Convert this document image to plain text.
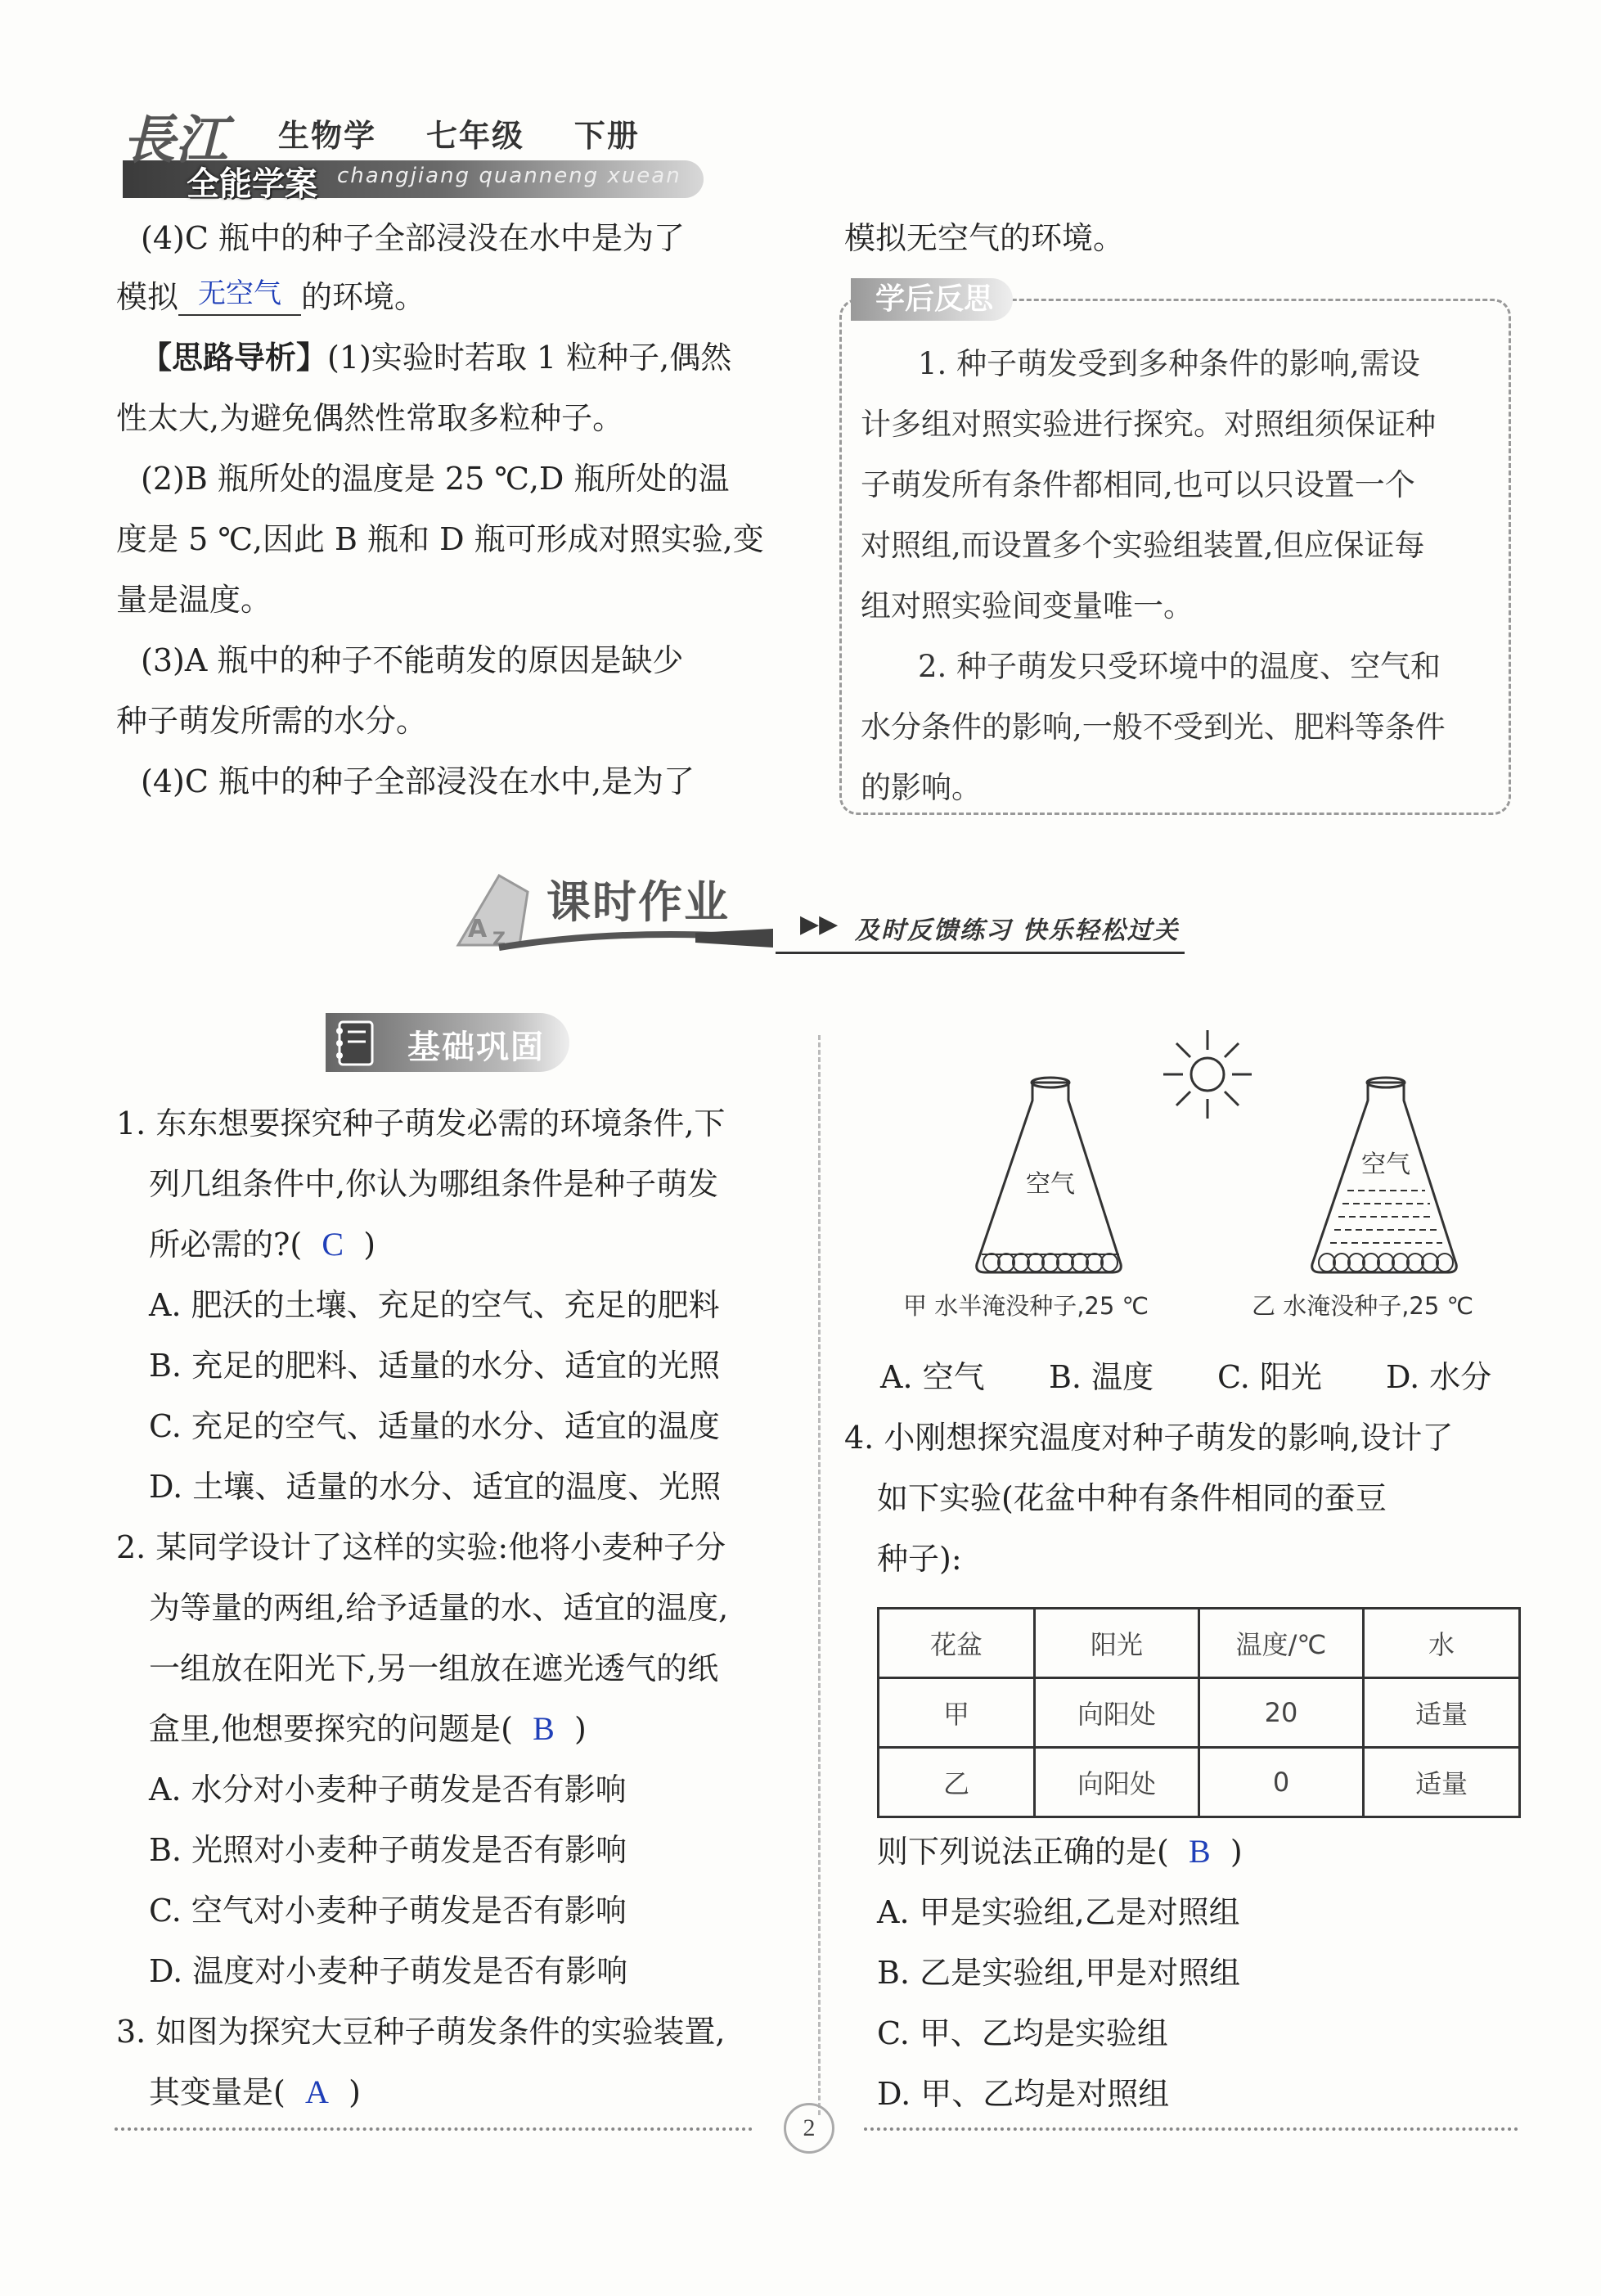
長江
全能学案 changjiang quanneng xuean
生物学 七年级 下册
(4)C 瓶中的种子全部浸没在水中是为了
模拟 无空气 的环境。
【思路导析】(1)实验时若取 1 粒种子,偶然
性太大,为避免偶然性常取多粒种子。
(2)B 瓶所处的温度是 25 ℃,D 瓶所处的温
度是 5 ℃,因此 B 瓶和 D 瓶可形成对照实验,变
量是温度。
(3)A 瓶中的种子不能萌发的原因是缺少
种子萌发所需的水分。
(4)C 瓶中的种子全部浸没在水中,是为了
模拟无空气的环境。
学后反思
1. 种子萌发受到多种条件的影响,需设
计多组对照实验进行探究。对照组须保证种
子萌发所有条件都相同,也可以只设置一个
对照组,而设置多个实验组装置,但应保证每
组对照实验间变量唯一。
2. 种子萌发只受环境中的温度、空气和
水分条件的影响,一般不受到光、肥料等条件
的影响。
A Z
课时作业	▶▶ 及时反馈练习 快乐轻松过关
基础巩固
1. 东东想要探究种子萌发必需的环境条件,下
列几组条件中,你认为哪组条件是种子萌发
所必需的?( C )
A. 肥沃的土壤、充足的空气、充足的肥料
B. 充足的肥料、适量的水分、适宜的光照
C. 充足的空气、适量的水分、适宜的温度
D. 土壤、适量的水分、适宜的温度、光照
2. 某同学设计了这样的实验:他将小麦种子分
为等量的两组,给予适量的水、适宜的温度,
一组放在阳光下,另一组放在遮光透气的纸
盒里,他想要探究的问题是( B )
A. 水分对小麦种子萌发是否有影响
B. 光照对小麦种子萌发是否有影响
C. 空气对小麦种子萌发是否有影响
D. 温度对小麦种子萌发是否有影响
3. 如图为探究大豆种子萌发条件的实验装置,
其变量是( A )
空气
空气
甲 水半淹没种子,25 ℃	乙 水淹没种子,25 ℃
A. 空气 B. 温度 C. 阳光 D. 水分
4. 小刚想探究温度对种子萌发的影响,设计了
如下实验(花盆中种有条件相同的蚕豆
种子):
花盆	阳光	温度/℃	水
甲	向阳处	20	适量
乙	向阳处	0	适量
则下列说法正确的是( B )
A. 甲是实验组,乙是对照组
B. 乙是实验组,甲是对照组
C. 甲、乙均是实验组
D. 甲、乙均是对照组
2
